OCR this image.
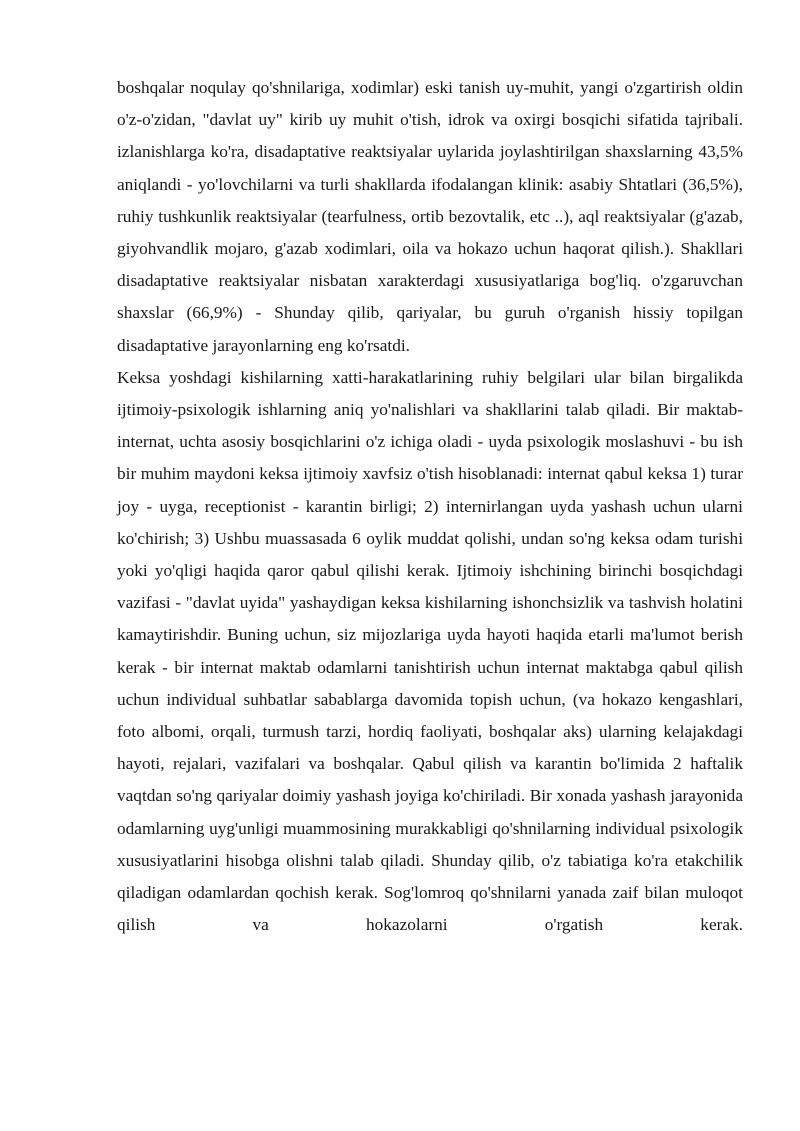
boshqalar noqulay qo'shnilariga, xodimlar) eski tanish uy-muhit, yangi o'zgartirish oldin o'z-o'zidan, "davlat uy" kirib uy muhit o'tish, idrok va oxirgi bosqichi sifatida tajribali. izlanishlarga ko'ra, disadaptative reaktsiyalar uylarida joylashtirilgan shaxslarning 43,5% aniqlandi - yo'lovchilarni va turli shakllarda ifodalangan klinik: asabiy Shtatlari (36,5%), ruhiy tushkunlik reaktsiyalar (tearfulness, ortib bezovtalik, etc ..), aql reaktsiyalar (g'azab, giyohvandlik mojaro, g'azab xodimlari, oila va hokazo uchun haqorat qilish.). Shakllari disadaptative reaktsiyalar nisbatan xarakterdagi xususiyatlariga bog'liq. o'zgaruvchan shaxslar (66,9%) - Shunday qilib, qariyalar, bu guruh o'rganish hissiy topilgan disadaptative jarayonlarning eng ko'rsatdi.

Keksa yoshdagi kishilarning xatti-harakatlarining ruhiy belgilari ular bilan birgalikda ijtimoiy-psixologik ishlarning aniq yo'nalishlari va shakllarini talab qiladi. Bir maktab-internat, uchta asosiy bosqichlarini o'z ichiga oladi - uyda psixologik moslashuvi - bu ish bir muhim maydoni keksa ijtimoiy xavfsiz o'tish hisoblanadi: internat qabul keksa 1) turar joy - uyga, receptionist - karantin birligi; 2) internirlangan uyda yashash uchun ularni ko'chirish; 3) Ushbu muassasada 6 oylik muddat qolishi, undan so'ng keksa odam turishi yoki yo'qligi haqida qaror qabul qilishi kerak. Ijtimoiy ishchining birinchi bosqichdagi vazifasi - "davlat uyida" yashaydigan keksa kishilarning ishonchsizlik va tashvish holatini kamaytirishdir. Buning uchun, siz mijozlariga uyda hayoti haqida etarli ma'lumot berish kerak - bir internat maktab odamlarni tanishtirish uchun internat maktabga qabul qilish uchun individual suhbatlar sabablarga davomida topish uchun, (va hokazo kengashlari, foto albomi, orqali, turmush tarzi, hordiq faoliyati, boshqalar aks) ularning kelajakdagi hayoti, rejalari, vazifalari va boshqalar. Qabul qilish va karantin bo'limida 2 haftalik vaqtdan so'ng qariyalar doimiy yashash joyiga ko'chiriladi. Bir xonada yashash jarayonida odamlarning uyg'unligi muammosining murakkabligi qo'shnilarning individual psixologik xususiyatlarini hisobga olishni talab qiladi. Shunday qilib, o'z tabiatiga ko'ra etakchilik qiladigan odamlardan qochish kerak. Sog'lomroq qo'shnilarni yanada zaif bilan muloqot qilish va hokazolarni o'rgatish kerak.
